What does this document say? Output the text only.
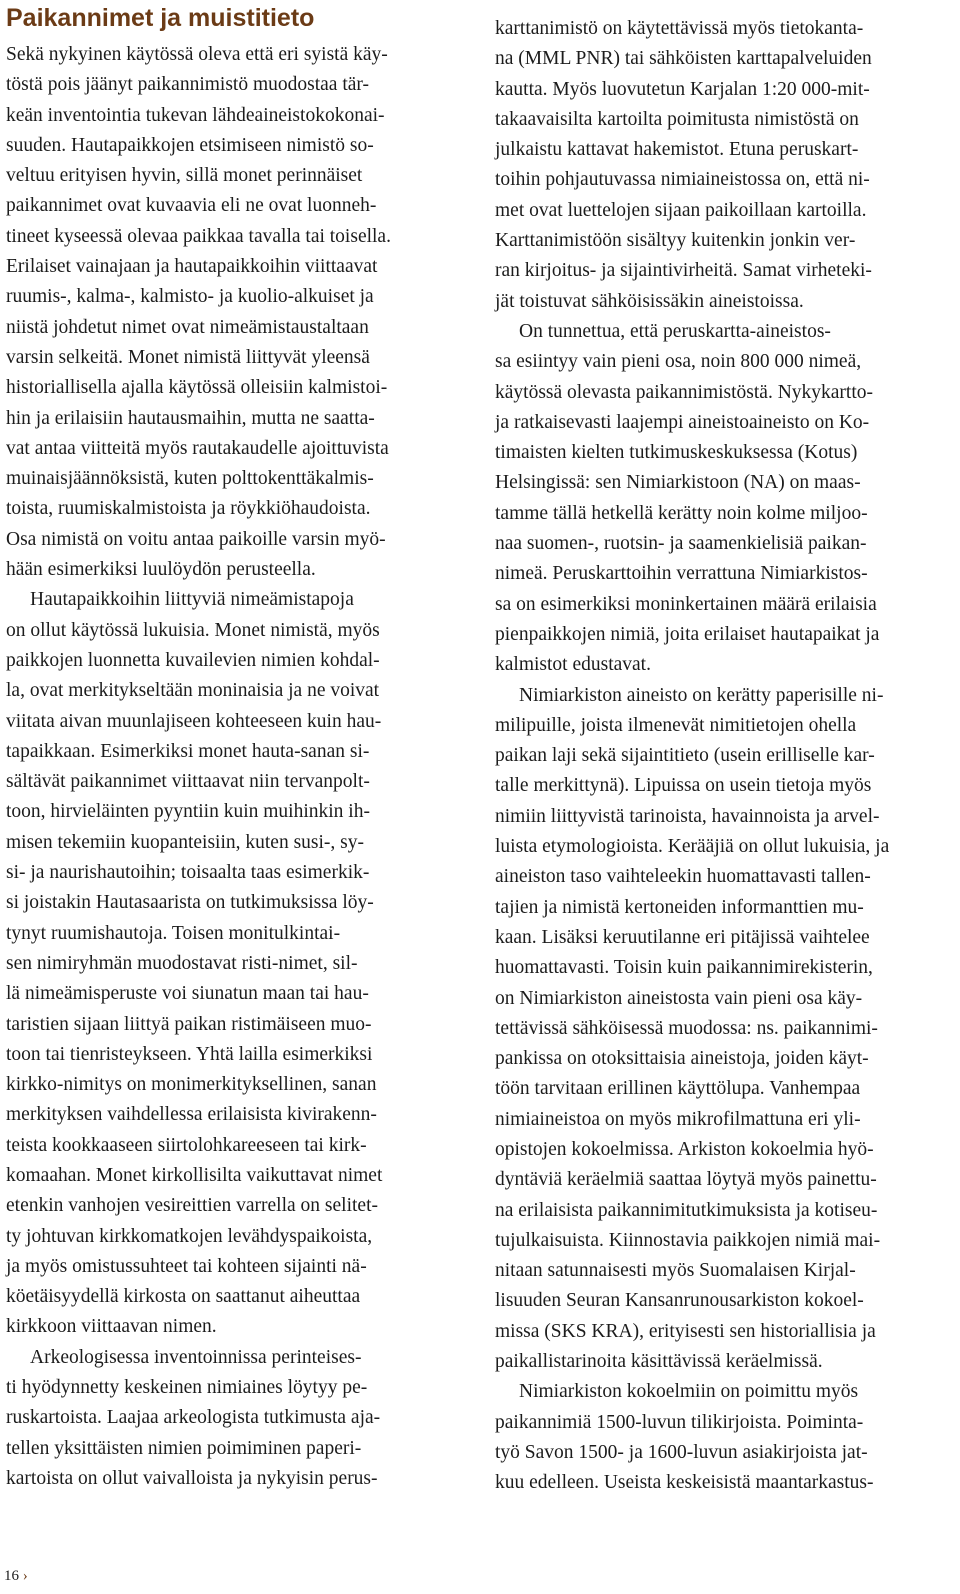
Paikannimet ja muistitieto
Sekä nykyinen käytössä oleva että eri syistä käy-
töstä pois jäänyt paikannimistö muodostaa tär-
keän inventointia tukevan lähdeaineistokokonai-
suuden. Hautapaikkojen etsimiseen nimistö so-
veltuu erityisen hyvin, sillä monet perinnäiset
paikannimet ovat kuvaavia eli ne ovat luonneh-
tineet kyseessä olevaa paikkaa tavalla tai toisella.
Erilaiset vainajaan ja hautapaikkoihin viittaavat
ruumis-, kalma-, kalmisto- ja kuolio-alkuiset ja
niistä johdetut nimet ovat nimeämistaustaltaan
varsin selkeitä. Monet nimistä liittyvät yleensä
historiallisella ajalla käytössä olleisiin kalmistoi-
hin ja erilaisiin hautausmaihin, mutta ne saatta-
vat antaa viitteitä myös rautakaudelle ajoittuvista
muinaisjäännöksistä, kuten polttokenttäkalmis-
toista, ruumiskalmistoista ja röykkiöhaudoista.
Osa nimistä on voitu antaa paikoille varsin myö-
hään esimerkiksi luulöydön perusteella.
Hautapaikkoihin liittyviä nimeämistapoja
on ollut käytössä lukuisia. Monet nimistä, myös
paikkojen luonnetta kuvailevien nimien kohdal-
la, ovat merkitykseltään moninaisia ja ne voivat
viitata aivan muunlajiseen kohteeseen kuin hau-
tapaikkaan. Esimerkiksi monet hauta-sanan si-
sältävät paikannimet viittaavat niin tervanpolt-
toon, hirvieläinten pyyntiin kuin muihinkin ih-
misen tekemiin kuopanteisiin, kuten susi-, sy-
si- ja naurishautoihin; toisaalta taas esimerkik-
si joistakin Hautasaarista on tutkimuksissa löy-
tynyt ruumishautoja. Toisen monitulkintai-
sen nimiryhmän muodostavat risti-nimet, sil-
lä nimeämisperuste voi siunatun maan tai hau-
taristien sijaan liittyä paikan ristimäiseen muo-
toon tai tienristeykseen. Yhtä lailla esimerkiksi
kirkko-nimitys on monimerkityksellinen, sanan
merkityksen vaihdellessa erilaisista kivirakenn-
teista kookkaaseen siirtolohkareeseen tai kirk-
komaahan. Monet kirkollisilta vaikuttavat nimet
etenkin vanhojen vesireittien varrella on selitet-
ty johtuvan kirkkomatkojen levähdyspaikoista,
ja myös omistussuhteet tai kohteen sijainti nä-
köetäisyydellä kirkosta on saattanut aiheuttaa
kirkkoon viittaavan nimen.
Arkeologisessa inventoinnissa perinteises-
ti hyödynnetty keskeinen nimiaines löytyy pe-
ruskartoista. Laajaa arkeologista tutkimusta aja-
tellen yksittäisten nimien poimiminen paperi-
kartoista on ollut vaivalloista ja nykyisin perus-
karttanimistö on käytettävissä myös tietokanta-
na (MML PNR) tai sähköisten karttapalveluiden
kautta. Myös luovutetun Karjalan 1:20 000-mit-
takaavaisilta kartoilta poimitusta nimistöstä on
julkaistu kattavat hakemistot. Etuna peruskart-
toihin pohjautuvassa nimiaineistossa on, että ni-
met ovat luettelojen sijaan paikoillaan kartoilla.
Karttanimistöön sisältyy kuitenkin jonkin ver-
ran kirjoitus- ja sijaintivirheitä. Samat virheteki-
jät toistuvat sähköisissäkin aineistoissa.
On tunnettua, että peruskartta-aineistos-
sa esiintyy vain pieni osa, noin 800 000 nimeä,
käytössä olevasta paikannimistöstä. Nykykartto-
ja ratkaisevasti laajempi aineistoaineisto on Ko-
timaisten kielten tutkimuskeskuksessa (Kotus)
Helsingissä: sen Nimiarkistoon (NA) on maas-
tamme tällä hetkellä kerätty noin kolme miljoo-
naa suomen-, ruotsin- ja saamenkielisiä paikan-
nimeä. Peruskarttoihin verrattuna Nimiarkistos-
sa on esimerkiksi moninkertainen määrä erilaisia
pienpaikkojen nimiä, joita erilaiset hautapaikat ja
kalmistot edustavat.
Nimiarkiston aineisto on kerätty paperisille ni-
milipuille, joista ilmenevät nimitietojen ohella
paikan laji sekä sijaintitieto (usein erilliselle kar-
talle merkittynä). Lipuissa on usein tietoja myös
nimiin liittyvistä tarinoista, havainnoista ja arvel-
luista etymologioista. Kerääjiä on ollut lukuisia, ja
aineiston taso vaihteleekin huomattavasti tallen-
tajien ja nimistä kertoneiden informanttien mu-
kaan. Lisäksi keruutilanne eri pitäjissä vaihtelee
huomattavasti. Toisin kuin paikannimirekisterin,
on Nimiarkiston aineistosta vain pieni osa käy-
tettävissä sähköisessä muodossa: ns. paikannimi-
pankissa on otoksittaisia aineistoja, joiden käyt-
töön tarvitaan erillinen käyttölupa. Vanhempaa
nimiaineistoa on myös mikrofilmattuna eri yli-
opistojen kokoelmissa. Arkiston kokoelmia hyö-
dyntäviä keräelmiä saattaa löytyä myös painettu-
na erilaisista paikannimitutkimuksista ja kotiseu-
tujulkaisuista. Kiinnostavia paikkojen nimiä mai-
nitaan satunnaisesti myös Suomalaisen Kirjal-
lisuuden Seuran Kansanrunousarkiston kokoel-
missa (SKS KRA), erityisesti sen historiallisia ja
paikallistarinoita käsittävissä keräelmissä.
Nimiarkiston kokoelmiin on poimittu myös
paikannimiä 1500-luvun tilikirjoista. Poiminta-
työ Savon 1500- ja 1600-luvun asiakirjoista jat-
kuu edelleen. Useista keskeisistä maantarkastus-
16 ›
